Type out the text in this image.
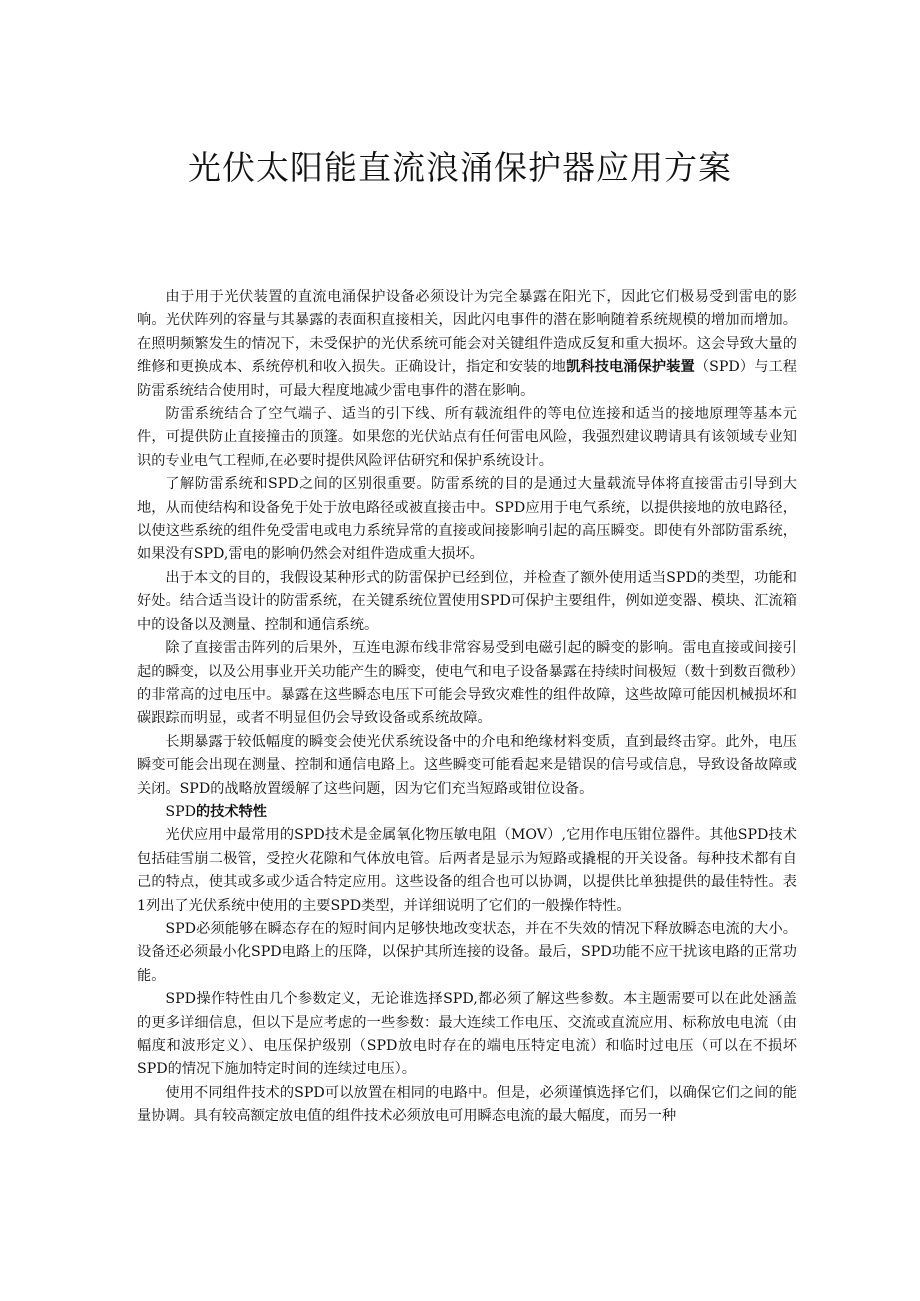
光伏太阳能直流浪涌保护器应用方案

由于用于光伏装置的直流电涌保护设备必须设计为完全暴露在阳光下，因此它们极易受到雷电的影响。光伏阵列的容量与其暴露的表面积直接相关，因此闪电事件的潜在影响随着系统规模的增加而增加。在照明频繁发生的情况下，未受保护的光伏系统可能会对关键组件造成反复和重大损坏。这会导致大量的维修和更换成本、系统停机和收入损失。正确设计，指定和安装的地凯科技电涌保护装置（SPD）与工程防雷系统结合使用时，可最大程度地减少雷电事件的潜在影响。

防雷系统结合了空气端子、适当的引下线、所有载流组件的等电位连接和适当的接地原理等基本元件，可提供防止直接撞击的顶篷。如果您的光伏站点有任何雷电风险，我强烈建议聘请具有该领域专业知识的专业电气工程师,在必要时提供风险评估研究和保护系统设计。

了解防雷系统和SPD之间的区别很重要。防雷系统的目的是通过大量载流导体将直接雷击引导到大地，从而使结构和设备免于处于放电路径或被直接击中。SPD应用于电气系统，以提供接地的放电路径，以使这些系统的组件免受雷电或电力系统异常的直接或间接影响引起的高压瞬变。即使有外部防雷系统，如果没有SPD,雷电的影响仍然会对组件造成重大损坏。

出于本文的目的，我假设某种形式的防雷保护已经到位，并检查了额外使用适当SPD的类型，功能和好处。结合适当设计的防雷系统，在关键系统位置使用SPD可保护主要组件，例如逆变器、模块、汇流箱中的设备以及测量、控制和通信系统。

除了直接雷击阵列的后果外，互连电源布线非常容易受到电磁引起的瞬变的影响。雷电直接或间接引起的瞬变，以及公用事业开关功能产生的瞬变，使电气和电子设备暴露在持续时间极短（数十到数百微秒）的非常高的过电压中。暴露在这些瞬态电压下可能会导致灾难性的组件故障，这些故障可能因机械损坏和碳跟踪而明显，或者不明显但仍会导致设备或系统故障。

长期暴露于较低幅度的瞬变会使光伏系统设备中的介电和绝缘材料变质，直到最终击穿。此外，电压瞬变可能会出现在测量、控制和通信电路上。这些瞬变可能看起来是错误的信号或信息，导致设备故障或关闭。SPD的战略放置缓解了这些问题，因为它们充当短路或钳位设备。

SPD的技术特性

光伏应用中最常用的SPD技术是金属氧化物压敏电阻（MOV）,它用作电压钳位器件。其他SPD技术包括硅雪崩二极管，受控火花隙和气体放电管。后两者是显示为短路或撬棍的开关设备。每种技术都有自己的特点，使其或多或少适合特定应用。这些设备的组合也可以协调，以提供比单独提供的最佳特性。表1列出了光伏系统中使用的主要SPD类型，并详细说明了它们的一般操作特性。

SPD必须能够在瞬态存在的短时间内足够快地改变状态，并在不失效的情况下释放瞬态电流的大小。设备还必须最小化SPD电路上的压降，以保护其所连接的设备。最后，SPD功能不应干扰该电路的正常功能。

SPD操作特性由几个参数定义，无论谁选择SPD,都必须了解这些参数。本主题需要可以在此处涵盖的更多详细信息，但以下是应考虑的一些参数：最大连续工作电压、交流或直流应用、标称放电电流（由幅度和波形定义）、电压保护级别（SPD放电时存在的端电压特定电流）和临时过电压（可以在不损坏SPD的情况下施加特定时间的连续过电压）。

使用不同组件技术的SPD可以放置在相同的电路中。但是，必须谨慎选择它们，以确保它们之间的能量协调。具有较高额定放电值的组件技术必须放电可用瞬态电流的最大幅度，而另一种
